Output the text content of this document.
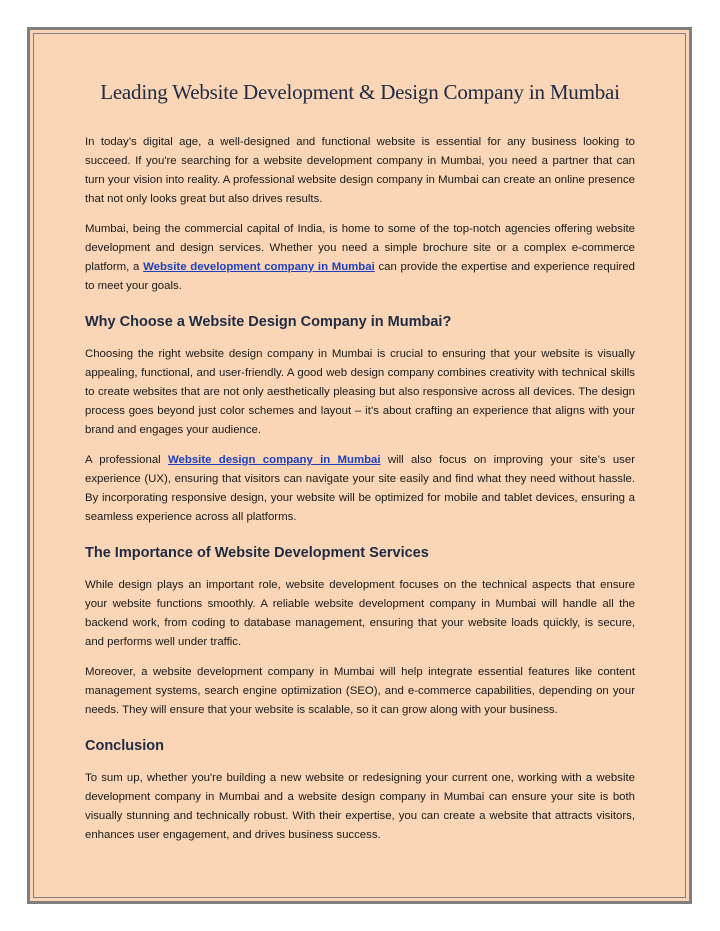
Leading Website Development & Design Company in Mumbai

In today’s digital age, a well-designed and functional website is essential for any business looking to succeed. If you're searching for a website development company in Mumbai, you need a partner that can turn your vision into reality. A professional website design company in Mumbai can create an online presence that not only looks great but also drives results.

Mumbai, being the commercial capital of India, is home to some of the top-notch agencies offering website development and design services. Whether you need a simple brochure site or a complex e-commerce platform, a Website development company in Mumbai can provide the expertise and experience required to meet your goals.

Why Choose a Website Design Company in Mumbai?

Choosing the right website design company in Mumbai is crucial to ensuring that your website is visually appealing, functional, and user-friendly. A good web design company combines creativity with technical skills to create websites that are not only aesthetically pleasing but also responsive across all devices. The design process goes beyond just color schemes and layout – it’s about crafting an experience that aligns with your brand and engages your audience.

A professional Website design company in Mumbai will also focus on improving your site’s user experience (UX), ensuring that visitors can navigate your site easily and find what they need without hassle. By incorporating responsive design, your website will be optimized for mobile and tablet devices, ensuring a seamless experience across all platforms.

The Importance of Website Development Services

While design plays an important role, website development focuses on the technical aspects that ensure your website functions smoothly. A reliable website development company in Mumbai will handle all the backend work, from coding to database management, ensuring that your website loads quickly, is secure, and performs well under traffic.

Moreover, a website development company in Mumbai will help integrate essential features like content management systems, search engine optimization (SEO), and e-commerce capabilities, depending on your needs. They will ensure that your website is scalable, so it can grow along with your business.

Conclusion

To sum up, whether you're building a new website or redesigning your current one, working with a website development company in Mumbai and a website design company in Mumbai can ensure your site is both visually stunning and technically robust. With their expertise, you can create a website that attracts visitors, enhances user engagement, and drives business success.
